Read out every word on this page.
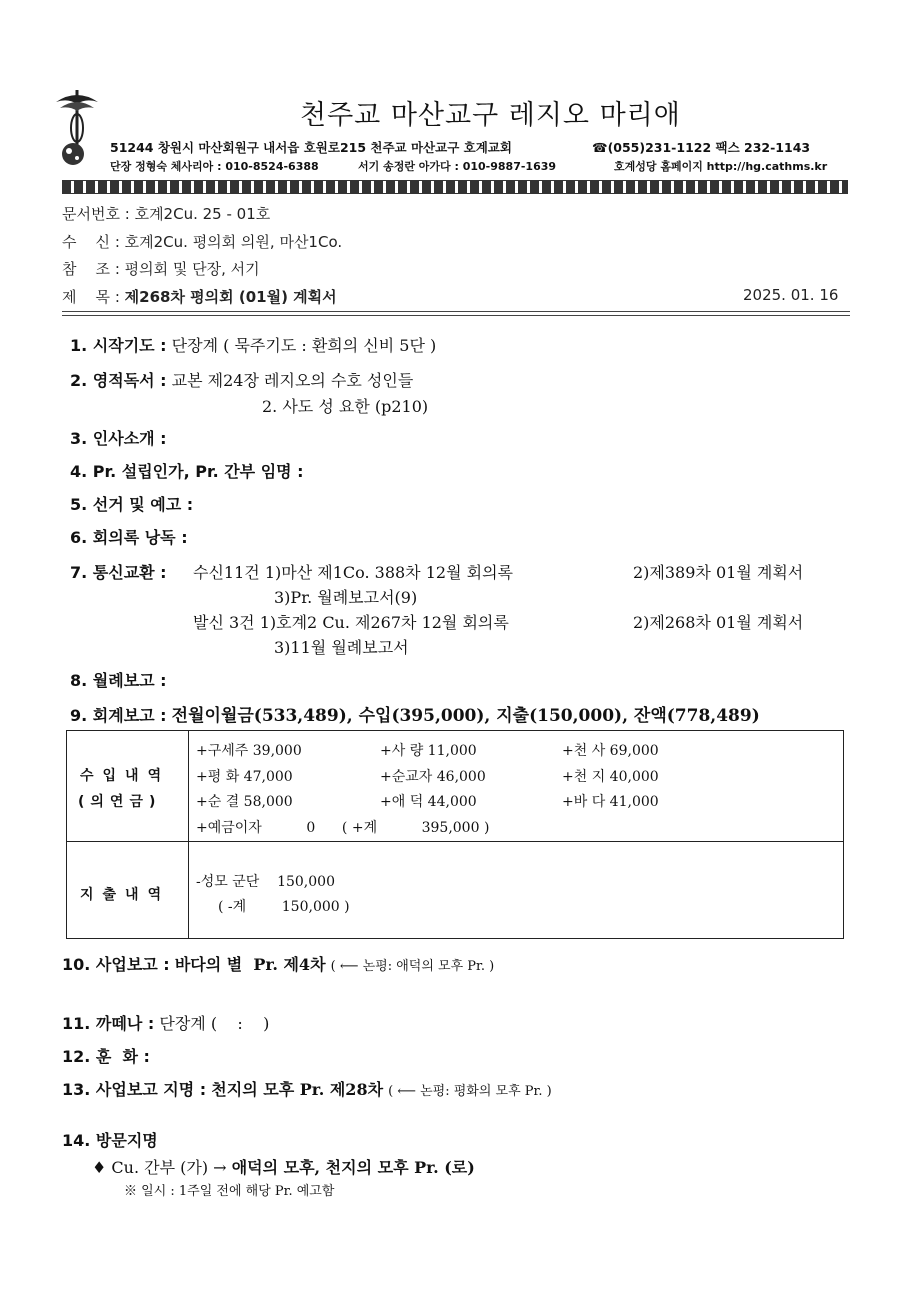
천주교 마산교구 레지오 마리애
51244 창원시 마산회원구 내서읍 호원로215 천주교 마산교구 호계교회	☎(055)231-1122 팩스 232-1143
단장 정형숙 체사리아 : 010-8524-6388	서기 송정란 아가다 : 010-9887-1639	호계성당 홈페이지 http://hg.cathms.kr
문서번호 : 호계2Cu. 25 - 01호
수    신 : 호계2Cu. 평의회 의원, 마산1Co.
참    조 : 평의회 및 단장, 서기
제    목 : 제268차 평의회 (01월) 계획서	2025. 01. 16
1. 시작기도 : 단장계 ( 묵주기도 : 환희의 신비 5단 )
2. 영적독서 : 교본 제24장 레지오의 수호 성인들
2. 사도 성 요한 (p210)
3. 인사소개 :
4. Pr. 설립인가, Pr. 간부 임명 :
5. 선거 및 예고 :
6. 회의록 낭독 :
7. 통신교환 : 수신11건 1)마산 제1Co. 388차 12월 회의록	2)제389차 01월 계획서
3)Pr. 월례보고서(9)
발신 3건 1)호계2 Cu. 제267차 12월 회의록	2)제268차 01월 계획서
3)11월 월례보고서
8. 월례보고 :
9. 회계보고 : 전월이월금(533,489), 수입(395,000), 지출(150,000), 잔액(778,489)
수입내역
(의연금)
+구세주 39,000	+사 량 11,000	+천 사 69,000
+평 화 47,000	+순교자 46,000	+천 지 40,000
+순 결 58,000	+애 덕 44,000	+바 다 41,000
+예금이자          0      ( +계          395,000 )
지출내역
-성모 군단    150,000
( -계        150,000 )
10. 사업보고 : 바다의 별  Pr. 제4차 ( ⟵ 논평: 애덕의 모후 Pr. )
11. 까떼나 : 단장계 (    :    )
12. 훈  화 :
13. 사업보고 지명 : 천지의 모후 Pr. 제28차 ( ⟵ 논평: 평화의 모후 Pr. )
14. 방문지명
♦ Cu. 간부 (가) → 애덕의 모후, 천지의 모후 Pr. (로)
※ 일시 : 1주일 전에 해당 Pr. 예고함
